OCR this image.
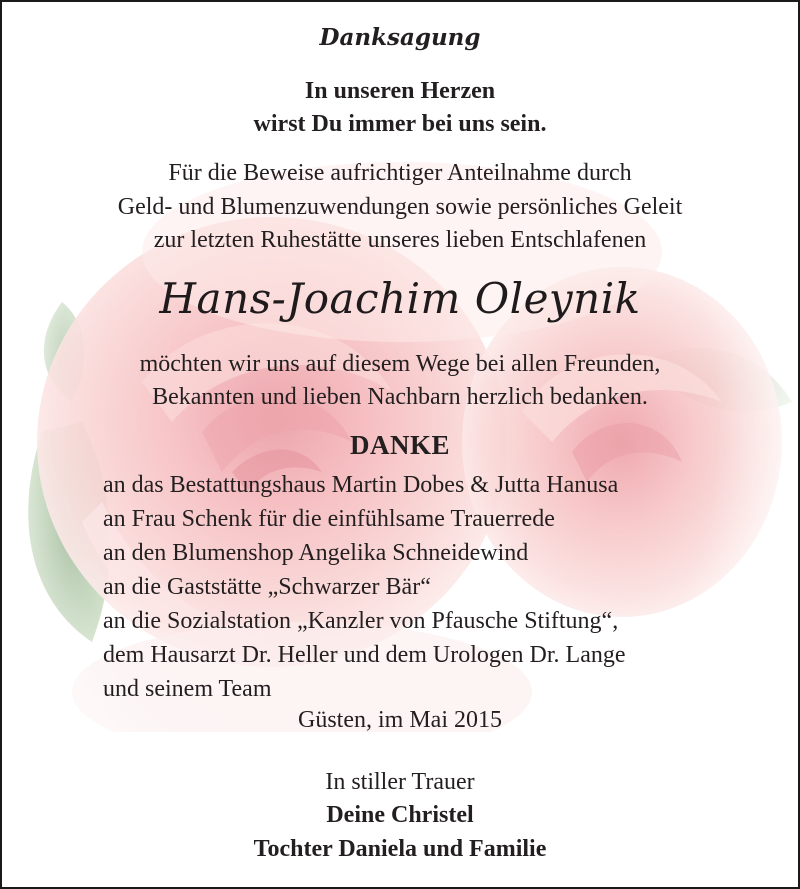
Danksagung
In unseren Herzen
wirst Du immer bei uns sein.
Für die Beweise aufrichtiger Anteilnahme durch
Geld- und Blumenzuwendungen sowie persönliches Geleit
zur letzten Ruhestätte unseres lieben Entschlafenen
Hans-Joachim Oleynik
möchten wir uns auf diesem Wege bei allen Freunden,
Bekannten und lieben Nachbarn herzlich bedanken.
DANKE
an das Bestattungshaus Martin Dobes & Jutta Hanusa
an Frau Schenk für die einfühlsame Trauerrede
an den Blumenshop Angelika Schneidewind
an die Gaststätte „Schwarzer Bär“
an die Sozialstation „Kanzler von Pfausche Stiftung“,
dem Hausarzt Dr. Heller und dem Urologen Dr. Lange
und seinem Team
Güsten, im Mai 2015
In stiller Trauer
Deine Christel
Tochter Daniela und Familie
